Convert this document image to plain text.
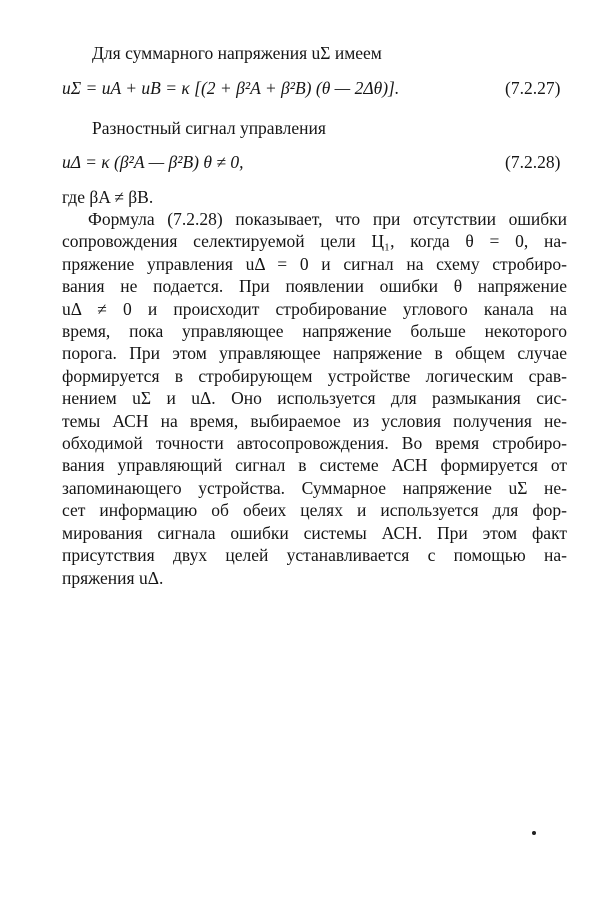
Для суммарного напряжения uΣ имеем
uΣ = uA + uB = κ [(2 + β²A + β²B) (θ — 2Δθ)].	(7.2.27)
Разностный сигнал управления
uΔ = κ (β²A — β²B) θ ≠ 0,	(7.2.28)
где βA ≠ βB.
Формула (7.2.28) показывает, что при отсутствии ошибки
сопровождения селектируемой цели Ц₁, когда θ = 0, на-
пряжение управления uΔ = 0 и сигнал на схему стробиро-
вания не подается. При появлении ошибки θ напряжение
uΔ ≠ 0 и происходит стробирование углового канала на
время, пока управляющее напряжение больше некоторого
порога. При этом управляющее напряжение в общем случае
формируется в стробирующем устройстве логическим срав-
нением uΣ и uΔ. Оно используется для размыкания сис-
темы АСН на время, выбираемое из условия получения не-
обходимой точности автосопровождения. Во время стробиро-
вания управляющий сигнал в системе АСН формируется от
запоминающего устройства. Суммарное напряжение uΣ не-
сет информацию об обеих целях и используется для фор-
мирования сигнала ошибки системы АСН. При этом факт
присутствия двух целей устанавливается с помощью на-
пряжения uΔ.
